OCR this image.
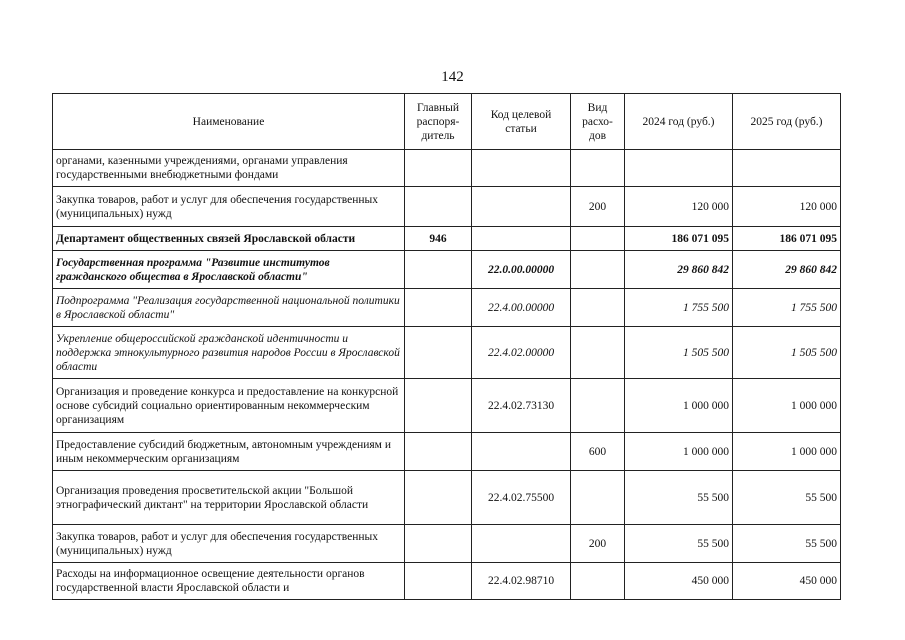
142
Наименование	Главный распоря-дитель	Код целевой статьи	Вид расхо-дов	2024 год (руб.)	2025 год (руб.)
органами, казенными учреждениями, органами управления государственными внебюджетными фондами					
Закупка товаров, работ и услуг для обеспечения государственных (муниципальных) нужд			200	120 000	120 000
Департамент общественных связей Ярославской области	946			186 071 095	186 071 095
Государственная программа "Развитие институтов гражданского общества в Ярославской области"		22.0.00.00000		29 860 842	29 860 842
Подпрограмма "Реализация государственной национальной политики в Ярославской области"		22.4.00.00000		1 755 500	1 755 500
Укрепление общероссийской гражданской идентичности и поддержка этнокультурного развития народов России в Ярославской области		22.4.02.00000		1 505 500	1 505 500
Организация и проведение конкурса и предоставление на конкурсной основе субсидий социально ориентированным некоммерческим организациям		22.4.02.73130		1 000 000	1 000 000
Предоставление субсидий бюджетным, автономным учреждениям и иным некоммерческим организациям			600	1 000 000	1 000 000
Организация проведения просветительской акции "Большой этнографический диктант" на территории Ярославской области		22.4.02.75500		55 500	55 500
Закупка товаров, работ и услуг для обеспечения государственных (муниципальных) нужд			200	55 500	55 500
Расходы на информационное освещение деятельности органов государственной власти Ярославской области и		22.4.02.98710		450 000	450 000
